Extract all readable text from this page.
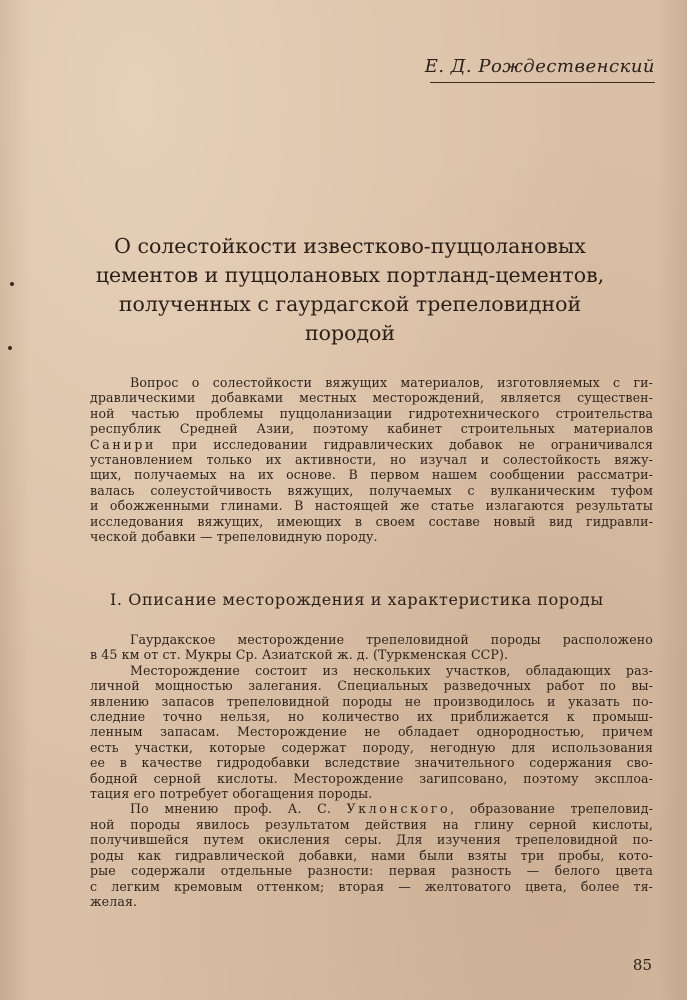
Е. Д. Рождественский
О солестойкости известково-пуццолановых
цементов и пуццолановых портланд-цементов,
полученных с гаурдагской трепеловидной
породой
Вопрос о солестойкости вяжущих материалов, изготовляемых с ги-
дравлическими добавками местных месторождений, является существен-
ной частью проблемы пуццоланизации гидротехнического строительства
республик Средней Азии, поэтому кабинет строительных материалов
Санири при исследовании гидравлических добавок не ограничивался
установлением только их активности, но изучал и солестойкость вяжу-
щих, получаемых на их основе. В первом нашем сообщении рассматри-
валась солеустойчивость вяжущих, получаемых с вулканическим туфом
и обожженными глинами. В настоящей же статье излагаются результаты
исследования вяжущих, имеющих в своем составе новый вид гидравли-
ческой добавки — трепеловидную породу.
I. Описание месторождения и характеристика породы
Гаурдакское месторождение трепеловидной породы расположено
в 45 км от ст. Мукры Ср. Азиатской ж. д. (Туркменская ССР).
Месторождение состоит из нескольких участков, обладающих раз-
личной мощностью залегания. Специальных разведочных работ по вы-
явлению запасов трепеловидной породы не производилось и указать по-
следние точно нельзя, но количество их приближается к промыш-
ленным запасам. Месторождение не обладает однородностью, причем
есть участки, которые содержат породу, негодную для использования
ее в качестве гидродобавки вследствие значительного содержания сво-
бодной серной кислоты. Месторождение загипсовано, поэтому эксплоа-
тация его потребует обогащения породы.
По мнению проф. А. С. Уклонского, образование трепеловид-
ной породы явилось результатом действия на глину серной кислоты,
получившейся путем окисления серы. Для изучения трепеловидной по-
роды как гидравлической добавки, нами были взяты три пробы, кото-
рые содержали отдельные разности: первая разность — белого цвета
с легким кремовым оттенком; вторая — желтоватого цвета, более тя-
желая.
85
